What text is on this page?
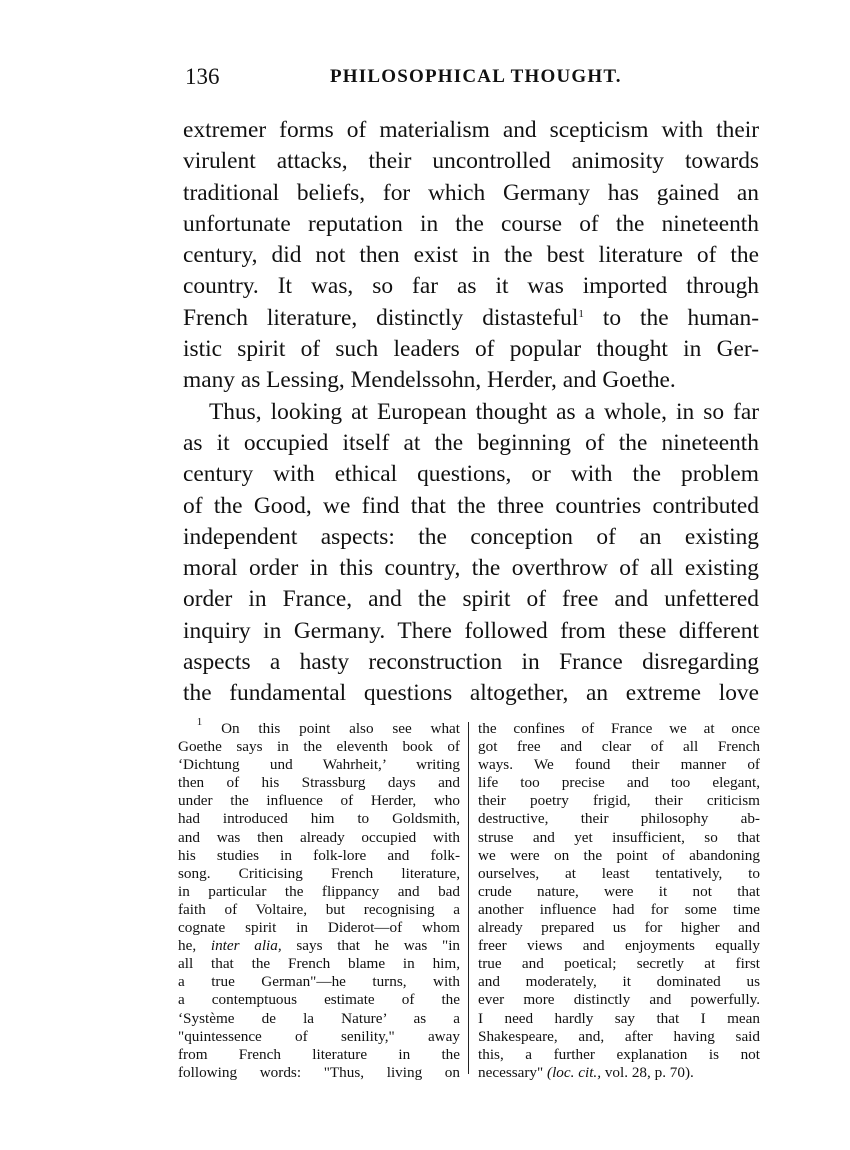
136	PHILOSOPHICAL THOUGHT.
extremer forms of materialism and scepticism with their
virulent attacks, their uncontrolled animosity towards
traditional beliefs, for which Germany has gained an
unfortunate reputation in the course of the nineteenth
century, did not then exist in the best literature of the
country. It was, so far as it was imported through
French literature, distinctly distasteful$^1$ to the human-
istic spirit of such leaders of popular thought in Ger-
many as Lessing, Mendelssohn, Herder, and Goethe.
Thus, looking at European thought as a whole, in so far
as it occupied itself at the beginning of the nineteenth
century with ethical questions, or with the problem
of the Good, we find that the three countries contributed
independent aspects: the conception of an existing
moral order in this country, the overthrow of all existing
order in France, and the spirit of free and unfettered
inquiry in Germany. There followed from these different
aspects a hasty reconstruction in France disregarding
the fundamental questions altogether, an extreme love
$^1$ On this point also see what
Goethe says in the eleventh book of
‘Dichtung und Wahrheit,’ writing
then of his Strassburg days and
under the influence of Herder, who
had introduced him to Goldsmith,
and was then already occupied with
his studies in folk-lore and folk-
song. Criticising French literature,
in particular the flippancy and bad
faith of Voltaire, but recognising a
cognate spirit in Diderot—of whom
he, inter alia, says that he was "in
all that the French blame in him,
a true German"—he turns, with
a contemptuous estimate of the
‘Système de la Nature’ as a
"quintessence of senility," away
from French literature in the
following words: "Thus, living on
the confines of France we at once
got free and clear of all French
ways. We found their manner of
life too precise and too elegant,
their poetry frigid, their criticism
destructive, their philosophy ab-
struse and yet insufficient, so that
we were on the point of abandoning
ourselves, at least tentatively, to
crude nature, were it not that
another influence had for some time
already prepared us for higher and
freer views and enjoyments equally
true and poetical; secretly at first
and moderately, it dominated us
ever more distinctly and powerfully.
I need hardly say that I mean
Shakespeare, and, after having said
this, a further explanation is not
necessary" (loc. cit., vol. 28, p. 70).
